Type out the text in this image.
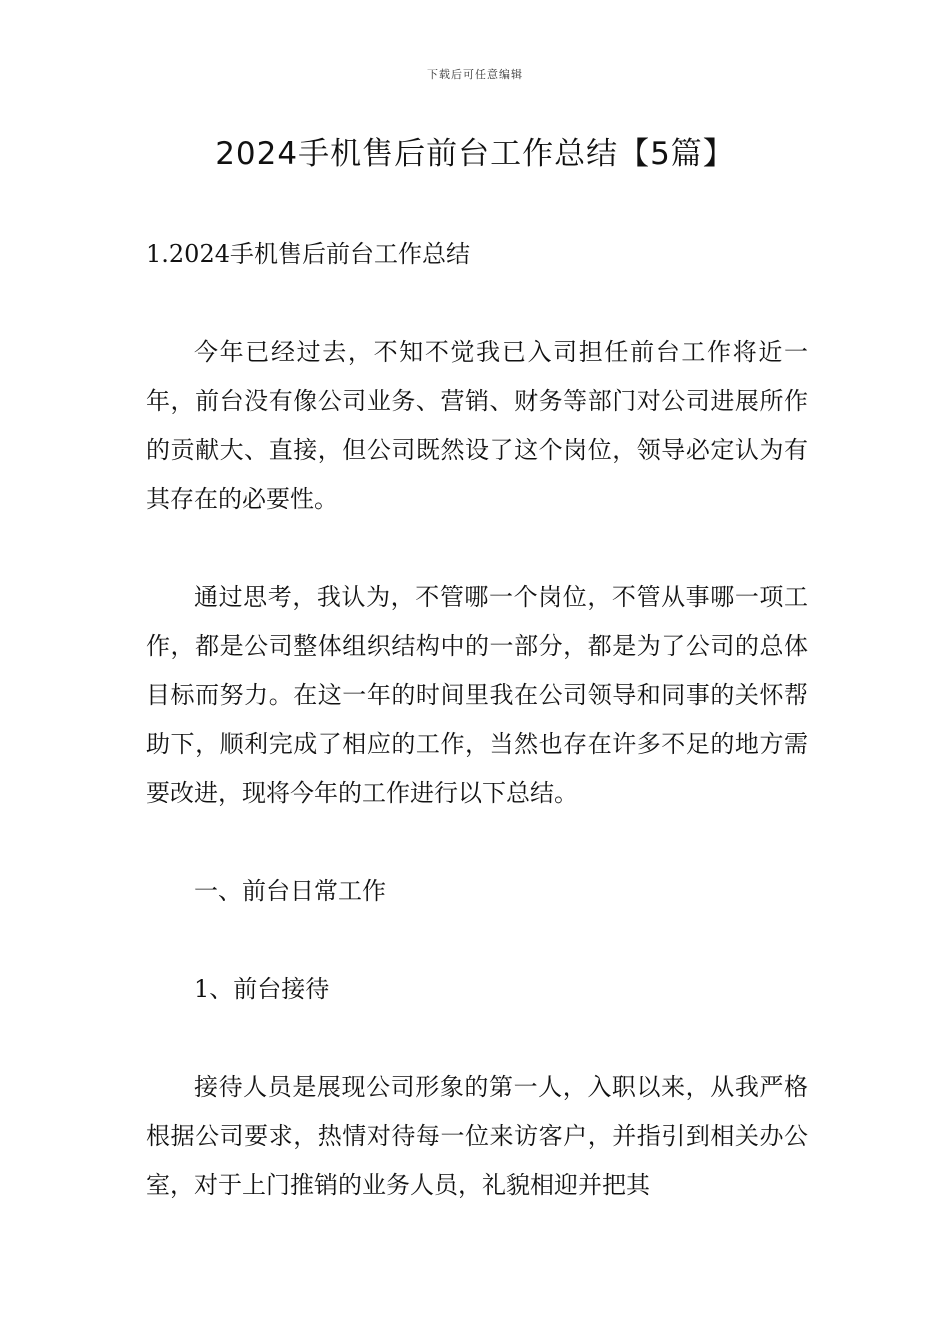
下载后可任意编辑
2024手机售后前台工作总结【5篇】

1.2024手机售后前台工作总结

今年已经过去，不知不觉我已入司担任前台工作将近一年，前台没有像公司业务、营销、财务等部门对公司进展所作的贡献大、直接，但公司既然设了这个岗位，领导必定认为有其存在的必要性。

通过思考，我认为，不管哪一个岗位，不管从事哪一项工作，都是公司整体组织结构中的一部分，都是为了公司的总体目标而努力。在这一年的时间里我在公司领导和同事的关怀帮助下，顺利完成了相应的工作，当然也存在许多不足的地方需要改进，现将今年的工作进行以下总结。

一、前台日常工作

1、前台接待

接待人员是展现公司形象的第一人，入职以来，从我严格根据公司要求，热情对待每一位来访客户，并指引到相关办公室，对于上门推销的业务人员，礼貌相迎并把其
